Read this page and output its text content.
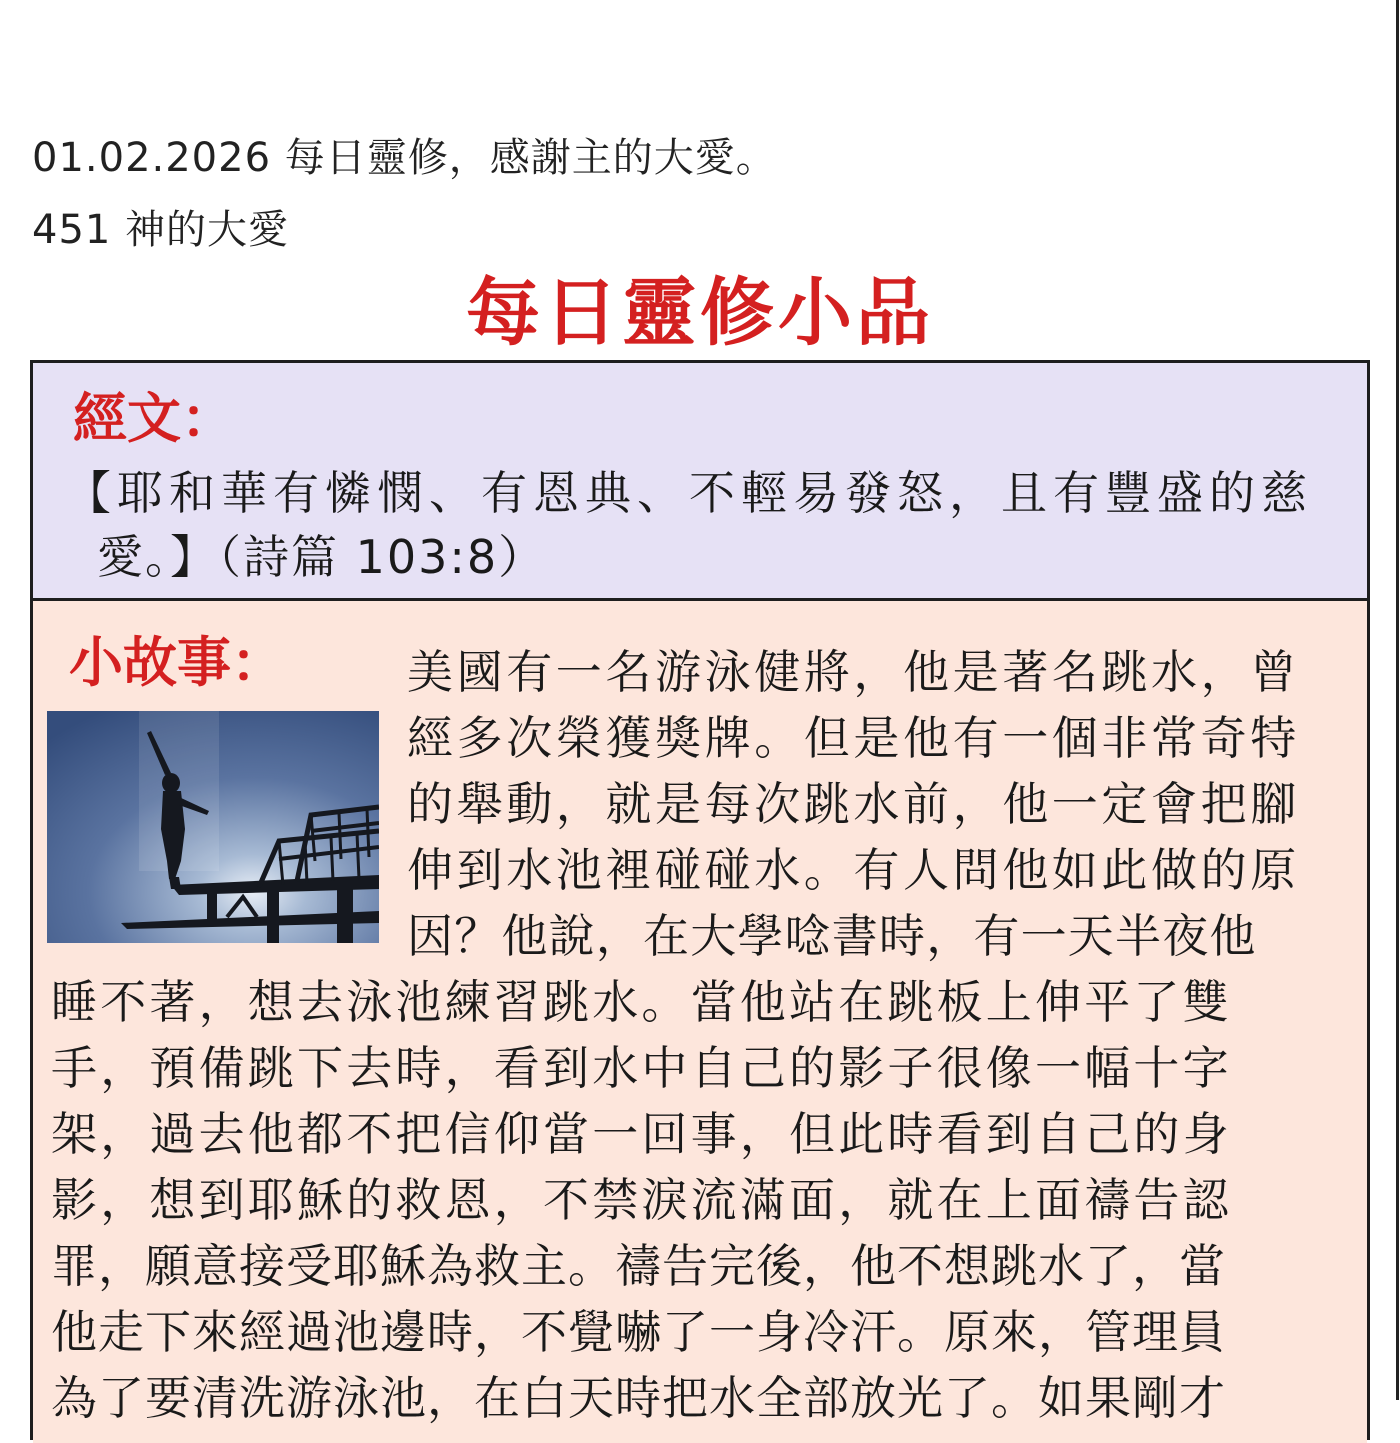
01.02.2026 每日靈修，感謝主的大愛。
451 神的大愛
每日靈修小品
經文：
【耶和華有憐憫、有恩典、不輕易發怒，且有豐盛的慈
愛。】（詩篇 103:8）
小故事：	美國有一名游泳健將，他是著名跳水，曾
經多次榮獲獎牌。但是他有一個非常奇特
的舉動，就是每次跳水前，他一定會把腳
伸到水池裡碰碰水。有人問他如此做的原
因？他說，在大學唸書時，有一天半夜他
睡不著，想去泳池練習跳水。當他站在跳板上伸平了雙
手，預備跳下去時，看到水中自己的影子很像一幅十字
架，過去他都不把信仰當一回事，但此時看到自己的身
影，想到耶穌的救恩，不禁淚流滿面，就在上面禱告認
罪，願意接受耶穌為救主。禱告完後，他不想跳水了，當
他走下來經過池邊時，不覺嚇了一身冷汗。原來，管理員
為了要清洗游泳池，在白天時把水全部放光了。如果剛才
